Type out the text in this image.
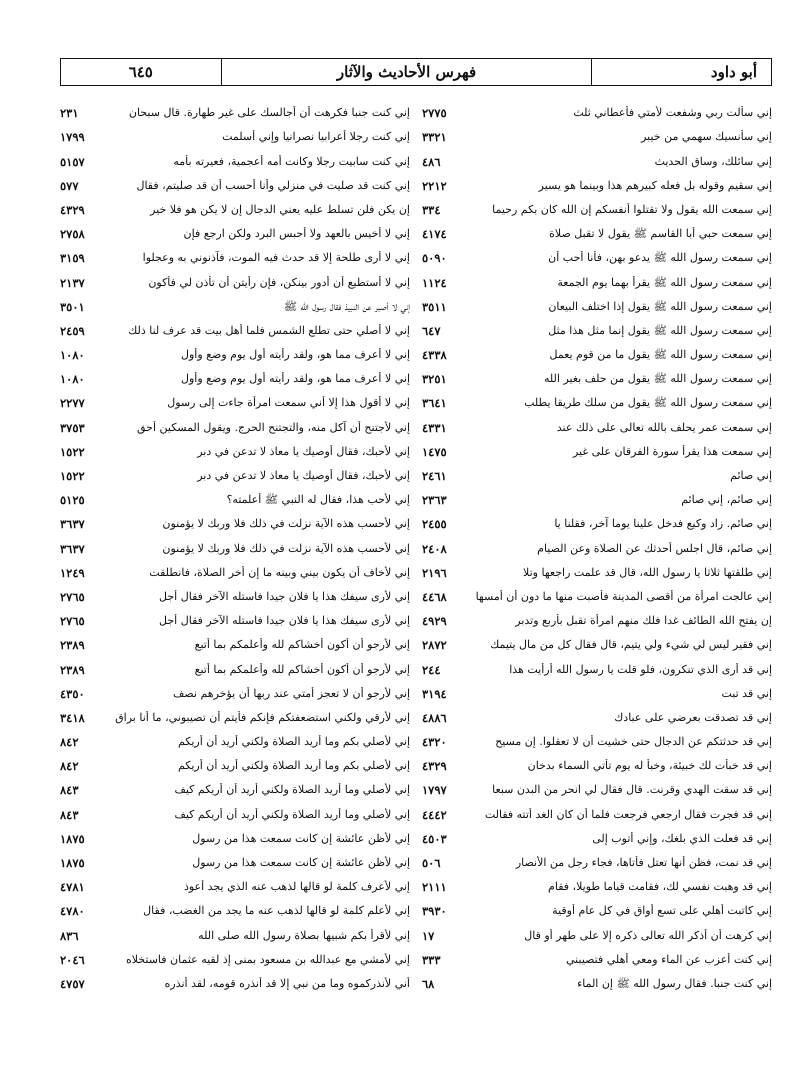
٦٤٥	فهرس الأحاديث والآثار	أبو داود
٢٣١	إني كنت جنبا فكرهت أن أجالسك على غير طهارة. قال سبحان
١٧٩٩	إني كنت رجلا أعرابيا نصرانيا وإني أسلمت
٥١٥٧	إني كنت سابيت رجلا وكانت أمه أعجمية، فعيرته بأمه
٥٧٧	إني كنت قد صليت في منزلي وأنا أحسب أن قد صليتم، فقال
٤٣٢٩	إن يكن فلن تسلط عليه يعني الدجال إن لا يكن هو فلا خير
٢٧٥٨	إني لا أخيس بالعهد ولا أحبس البرد ولكن ارجع فإن
٣١٥٩	إني لا أرى طلحة إلا قد حدث فيه الموت، فآذنوني به وعجلوا
٢١٣٧	إني لا أستطيع أن أدور بينكن، فإن رأيتن أن تأذن لي فأكون
٣٥٠١	إني لا أصبر عن النبيذ فقال رسول الله ﷺ
٢٤٥٩	إني لا أصلي حتى تطلع الشمس فلما أهل بيت قد عرف لنا ذلك
١٠٨٠	إني لا أعرف مما هو، ولقد رأيته أول يوم وضع وأول
١٠٨٠	إني لا أعرف مما هو، ولقد رأيته أول يوم وضع وأول
٢٢٧٧	إني لا أقول هذا إلا أني سمعت امرأة جاءت إلى رسول
٣٧٥٣	إني لأجتنح أن آكل منه، والتجتنح الحرج. ويقول المسكين أحق
١٥٢٢	إني لأحبك، فقال أوصيك يا معاذ لا تدعن في دبر
١٥٢٢	إني لأحبك، فقال أوصيك يا معاذ لا تدعن في دبر
٥١٢٥	إني لأحب هذا، فقال له النبي ﷺ أعلمته؟
٣٦٣٧	إني لأحسب هذه الآية نزلت في ذلك فلا وربك لا يؤمنون
٣٦٣٧	إني لأحسب هذه الآية نزلت في ذلك فلا وربك لا يؤمنون
١٢٤٩	إني لأخاف أن يكون بيني وبينه ما إن أخر الصلاة، فانطلقت
٢٧٦٥	إني لأرى سيفك هذا يا فلان جيدا فاستله الآخر فقال أجل
٢٧٦٥	إني لأرى سيفك هذا يا فلان جيدا فاستله الآخر فقال أجل
٢٣٨٩	إني لأرجو أن أكون أخشاكم لله وأعلمكم بما أتبع
٢٣٨٩	إني لأرجو أن أكون أخشاكم لله وأعلمكم بما أتبع
٤٣٥٠	إني لأرجو أن لا تعجز أمتي عند ربها أن يؤخرهم نصف
٣٤١٨	إني لأرقي ولكني استضعفتكم فإنكم فأيتم أن تصيبوني، ما أنا براق
٨٤٢	إني لأصلي بكم وما أريد الصلاة ولكني أريد أن أريكم
٨٤٢	إني لأصلي بكم وما أريد الصلاة ولكني أريد أن أريكم
٨٤٣	إني لأصلي وما أريد الصلاة ولكني أريد أن أريكم كيف
٨٤٣	إني لأصلي وما أريد الصلاة ولكني أريد أن أريكم كيف
١٨٧٥	إني لأظن عائشة إن كانت سمعت هذا من رسول
١٨٧٥	إني لأظن عائشة إن كانت سمعت هذا من رسول
٤٧٨١	إني لأعرف كلمة لو قالها لذهب عنه الذي يجد أعوذ
٤٧٨٠	إني لأعلم كلمة لو قالها لذهب عنه ما يجد من الغضب، فقال
٨٣٦	إني لأقرأ بكم شبيها بصلاة رسول الله صلى الله
٢٠٤٦	إني لأمشي مع عبدالله بن مسعود بمنى إذ لقيه عثمان فاستخلاه
٤٧٥٧	أني لأنذركموه وما من نبي إلا قد أنذره قومه، لقد أنذره
٢٧٧٥	إني سألت ربي وشفعت لأمتي فأعطاني ثلث
٣٣٢١	إني سأنسيك سهمي من خيبر
٤٨٦	إني سائلك، وساق الحديث
٢٢١٢	إني سقيم وقوله بل فعله كبيرهم هذا وبينما هو يسير
٣٣٤	إني سمعت الله يقول ولا تقتلوا أنفسكم إن الله كان بكم رحيما
٤١٧٤	إني سمعت حبي أبا القاسم ﷺ يقول لا تقبل صلاة
٥٠٩٠	إني سمعت رسول الله ﷺ يدعو بهن، فأنا أحب أن
١١٢٤	إني سمعت رسول الله ﷺ يقرأ بهما يوم الجمعة
٣٥١١	إني سمعت رسول الله ﷺ يقول إذا اختلف البيعان
٦٤٧	إني سمعت رسول الله ﷺ يقول إنما مثل هذا مثل
٤٣٣٨	إني سمعت رسول الله ﷺ يقول ما من قوم يعمل
٣٢٥١	إني سمعت رسول الله ﷺ يقول من حلف بغير الله
٣٦٤١	إني سمعت رسول الله ﷺ يقول من سلك طريقا يطلب
٤٣٣١	إني سمعت عمر يحلف بالله تعالى على ذلك عند
١٤٧٥	إني سمعت هذا يقرأ سورة الفرقان على غير
٢٤٦١	إني صائم
٢٣٦٣	إني صائم، إني صائم
٢٤٥٥	إني صائم. زاد وكيع فدخل علينا يوما آخر، فقلنا يا
٢٤٠٨	إني صائم، قال اجلس أحدثك عن الصلاة وعن الصيام
٢١٩٦	إني طلقتها ثلاثا يا رسول الله، قال قد علمت راجعها وتلا
٤٤٦٨	إني عالجت امرأة من أقصى المدينة فأصبت منها ما دون أن أمسها
٤٩٢٩	إن يفتح الله الطائف غدا فلك منهم امرأة تقبل بأربع وتدبر
٢٨٧٢	إني فقير ليس لي شيء ولي يتيم، قال فقال كل من مال يتيمك
٢٤٤	إني قد أرى الذي تنكرون، فلو قلت يا رسول الله أرأيت هذا
٣١٩٤	إني قد تبت
٤٨٨٦	إني قد تصدقت بعرضي على عبادك
٤٣٢٠	إني قد حدثتكم عن الدجال حتى خشيت أن لا تعقلوا. إن مسيح
٤٣٢٩	إني قد خبأت لك خبيئة، وخبأ له يوم تأتي السماء بدخان
١٧٩٧	إني قد سقت الهدي وقرنت. قال فقال لي انحر من البدن سبعا
٤٤٤٢	إني قد فجرت فقال ارجعي فرجعت فلما أن كان الغد أتته فقالت
٤٥٠٣	إني قد فعلت الذي بلغك، وإني أتوب إلى
٥٠٦	إني قد نمت، فظن أنها تعتل فأتاها، فجاء رجل من الأنصار
٢١١١	إني قد وهبت نفسي لك، فقامت قياما طويلا، فقام
٣٩٣٠	إني كاتبت أهلي على تسع أواق في كل عام أوقية
١٧	إني كرهت أن أذكر الله تعالى ذكره إلا على طهر أو قال
٣٣٣	إني كنت أعزب عن الماء ومعي أهلي فتصيبني
٦٨	إني كنت جنبا. فقال رسول الله ﷺ إن الماء
